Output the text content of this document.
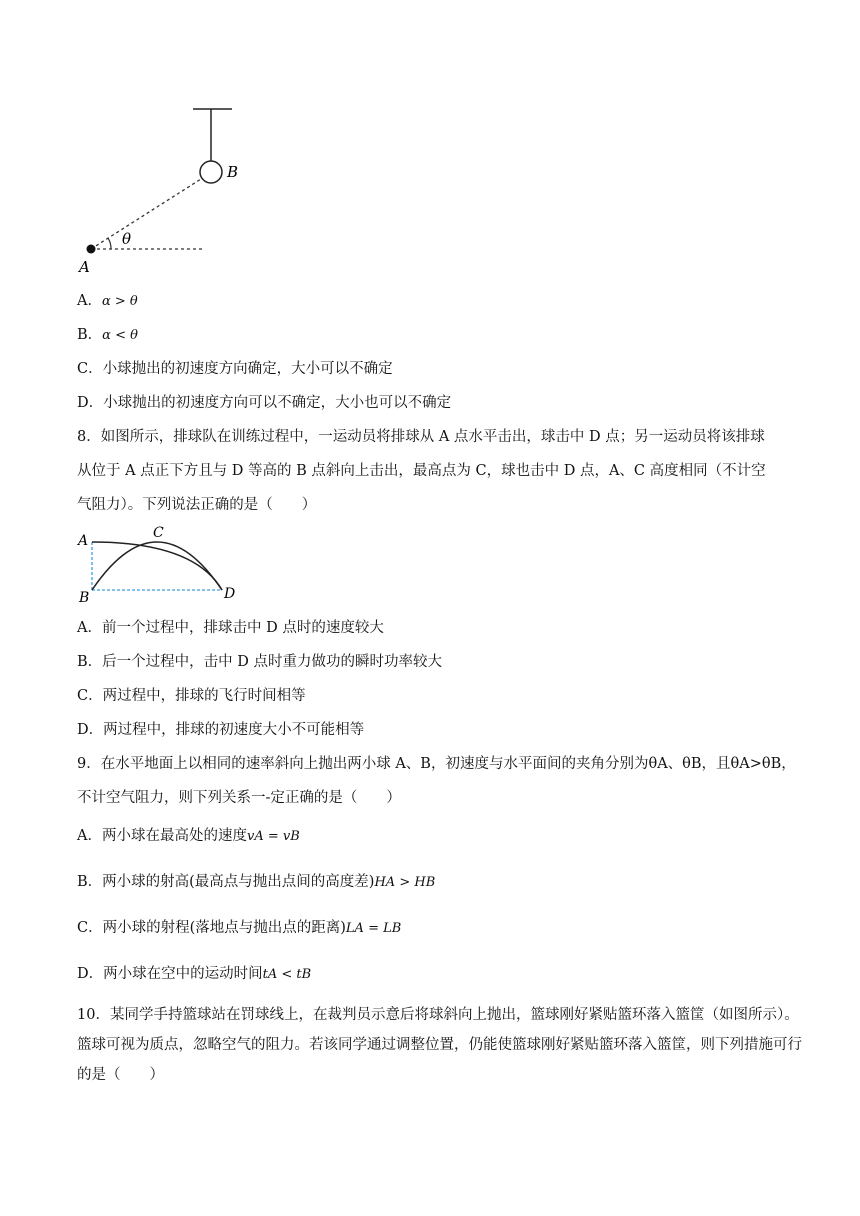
θ
B
A
A．α > θ
B．α < θ
C．小球抛出的初速度方向确定，大小可以不确定
D．小球抛出的初速度方向可以不确定，大小也可以不确定
8．如图所示，排球队在训练过程中，一运动员将排球从 A 点水平击出，球击中 D 点；另一运动员将该排球
从位于 A 点正下方且与 D 等高的 B 点斜向上击出，最高点为 C，球也击中 D 点，A、C 高度相同（不计空
气阻力）。下列说法正确的是（　　）
A	C
B	D
A．前一个过程中，排球击中 D 点时的速度较大
B．后一个过程中，击中 D 点时重力做功的瞬时功率较大
C．两过程中，排球的飞行时间相等
D．两过程中，排球的初速度大小不可能相等
9．在水平地面上以相同的速率斜向上抛出两小球 A、B，初速度与水平面间的夹角分别为θA、θB，且θA>θB，
不计空气阻力，则下列关系一-定正确的是（　　）
A．两小球在最高处的速度vA = vB
B．两小球的射高(最高点与抛出点间的高度差)HA > HB
C．两小球的射程(落地点与抛出点的距离)LA = LB
D．两小球在空中的运动时间tA < tB
10．某同学手持篮球站在罚球线上，在裁判员示意后将球斜向上抛出，篮球刚好紧贴篮环落入篮筐（如图所示）。篮球可视为质点，忽略空气的阻力。若该同学通过调整位置，仍能使篮球刚好紧贴篮环落入篮筐，则下列措施可行的是（　　）
